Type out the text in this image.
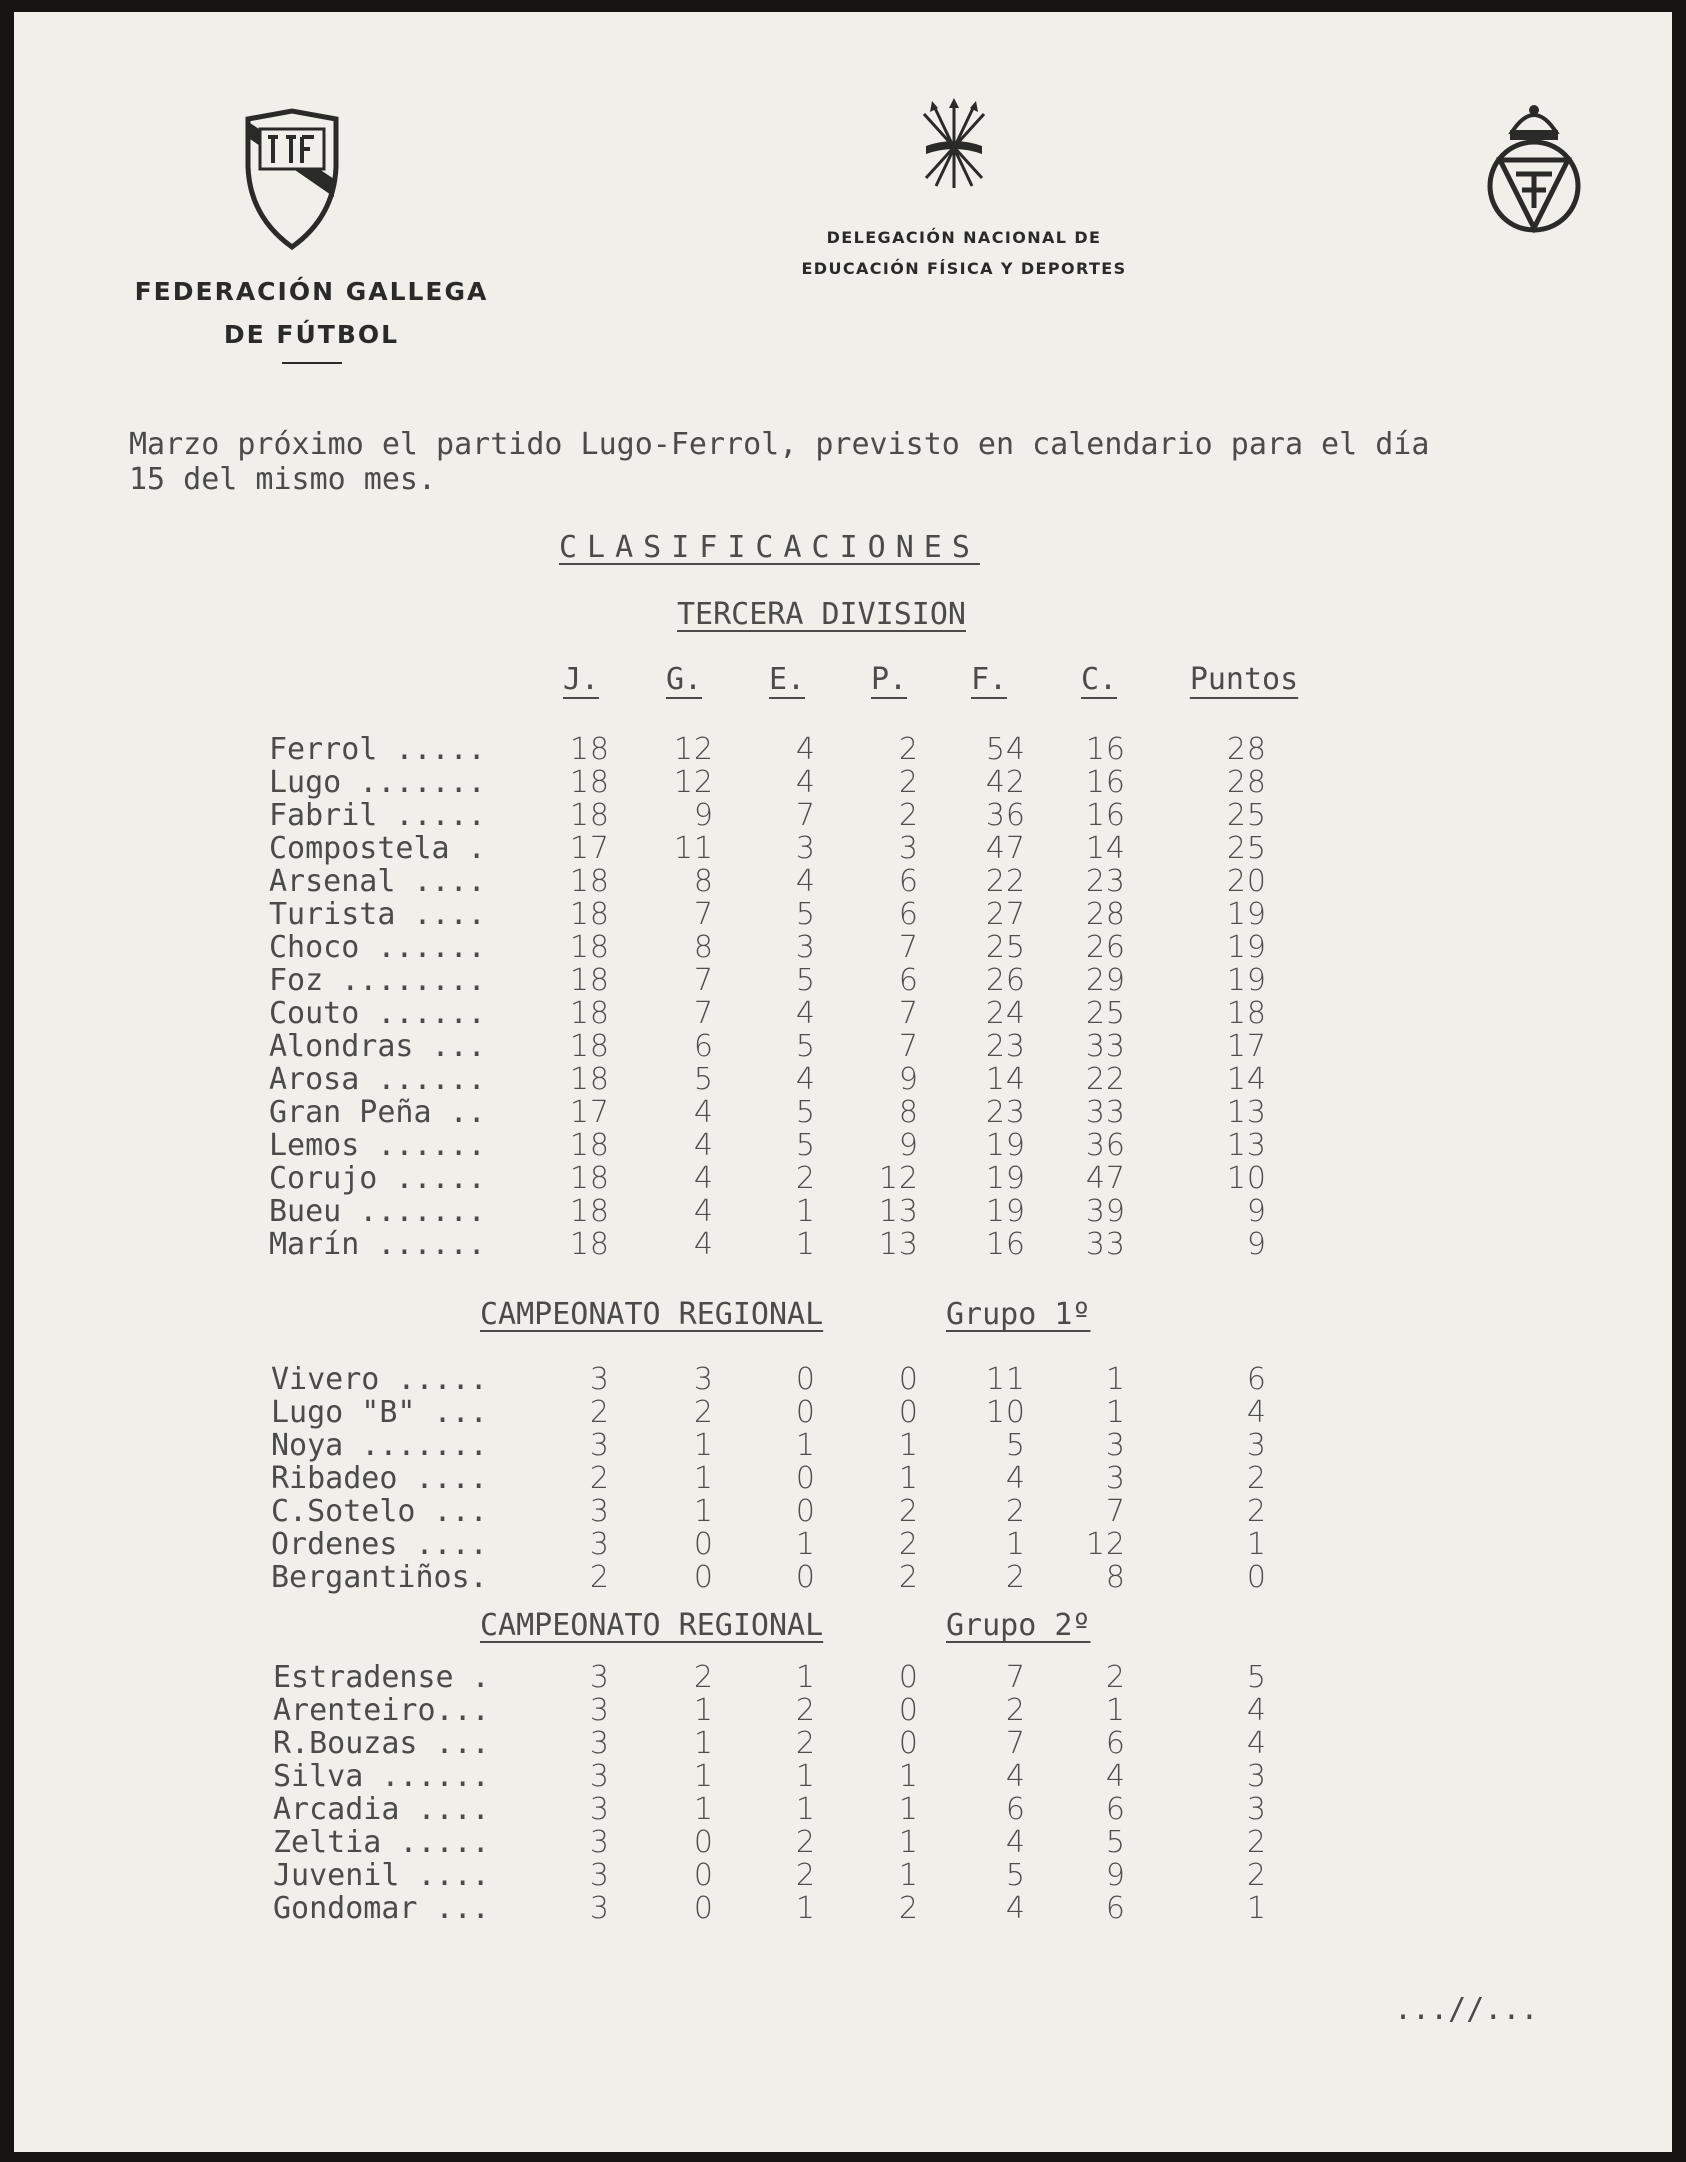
FEDERACIÓN GALLEGA
DE FÚTBOL
DELEGACIÓN NACIONAL DE
EDUCACIÓN FÍSICA Y DEPORTES
Marzo próximo el partido Lugo-Ferrol, previsto en calendario para el día
15 del mismo mes.
CLASIFICACIONES
TERCERA DIVISION
J.	G.	E.	P.	F.	C.	Puntos
Ferrol .....	18	12	4	2	54	16	28
Lugo .......	18	12	4	2	42	16	28
Fabril .....	18	9	7	2	36	16	25
Compostela .	17	11	3	3	47	14	25
Arsenal ....	18	8	4	6	22	23	20
Turista ....	18	7	5	6	27	28	19
Choco ......	18	8	3	7	25	26	19
Foz ........	18	7	5	6	26	29	19
Couto ......	18	7	4	7	24	25	18
Alondras ...	18	6	5	7	23	33	17
Arosa ......	18	5	4	9	14	22	14
Gran Peña ..	17	4	5	8	23	33	13
Lemos ......	18	4	5	9	19	36	13
Corujo .....	18	4	2	12	19	47	10
Bueu .......	18	4	1	13	19	39	9
Marín ......	18	4	1	13	16	33	9
CAMPEONATO REGIONAL	Grupo 1º
Vivero .....	3	3	0	0	11	1	6
Lugo "B" ...	2	2	0	0	10	1	4
Noya .......	3	1	1	1	5	3	3
Ribadeo ....	2	1	0	1	4	3	2
C.Sotelo ...	3	1	0	2	2	7	2
Ordenes ....	3	0	1	2	1	12	1
Bergantiños.	2	0	0	2	2	8	0
CAMPEONATO REGIONAL	Grupo 2º
Estradense .	3	2	1	0	7	2	5
Arenteiro...	3	1	2	0	2	1	4
R.Bouzas ...	3	1	2	0	7	6	4
Silva ......	3	1	1	1	4	4	3
Arcadia ....	3	1	1	1	6	6	3
Zeltia .....	3	0	2	1	4	5	2
Juvenil ....	3	0	2	1	5	9	2
Gondomar ...	3	0	1	2	4	6	1
...//...
